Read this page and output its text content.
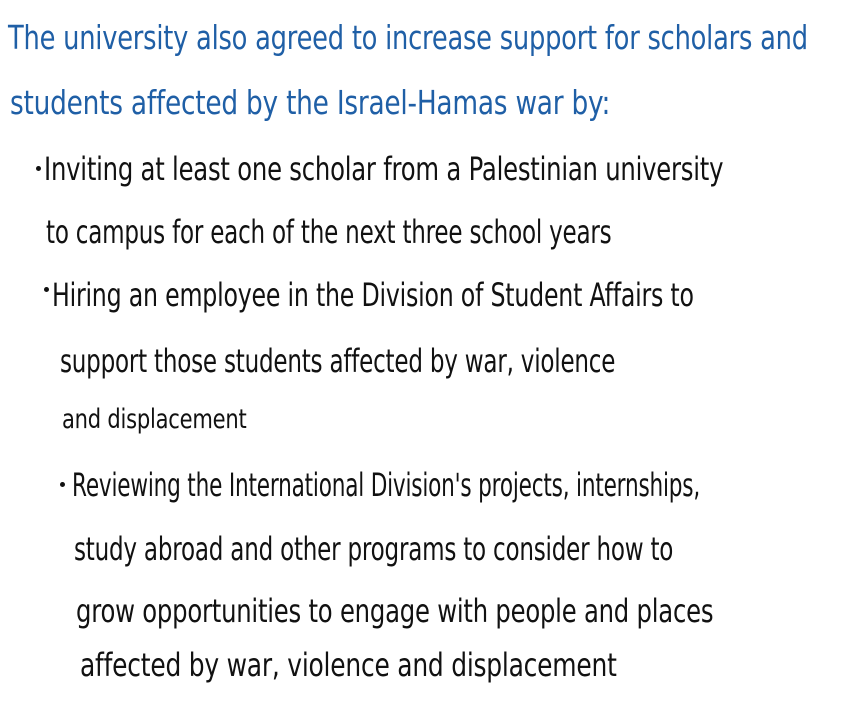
The university also agreed to increase support for scholars and
students affected by the Israel-Hamas war by:
Inviting at least one scholar from a Palestinian university
to campus for each of the next three school years
Hiring an employee in the Division of Student Affairs to
support those students affected by war, violence
and displacement
Reviewing the International Division's projects, internships,
study abroad and other programs to consider how to
grow opportunities to engage with people and places
affected by war, violence and displacement
